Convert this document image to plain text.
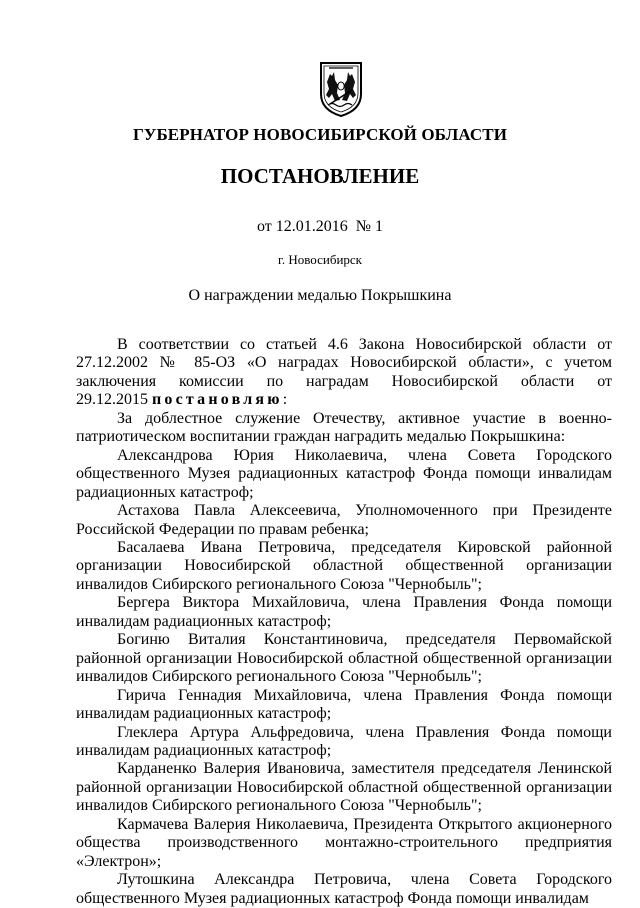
ГУБЕРНАТОР НОВОСИБИРСКОЙ ОБЛАСТИ
ПОСТАНОВЛЕНИЕ
от 12.01.2016 № 1
г. Новосибирск
О награждении медалью Покрышкина

В соответствии со статьей 4.6 Закона Новосибирской области от 27.12.2002 № 85-ОЗ «О наградах Новосибирской области», с учетом заключения комиссии по наградам Новосибирской области от 29.12.2015 постановляю:

За доблестное служение Отечеству, активное участие в военно-патриотическом воспитании граждан наградить медалью Покрышкина:

Александрова Юрия Николаевича, члена Совета Городского общественного Музея радиационных катастроф Фонда помощи инвалидам радиационных катастроф;

Астахова Павла Алексеевича, Уполномоченного при Президенте Российской Федерации по правам ребенка;

Басалаева Ивана Петровича, председателя Кировской районной организации Новосибирской областной общественной организации инвалидов Сибирского регионального Союза "Чернобыль";

Бергера Виктора Михайловича, члена Правления Фонда помощи инвалидам радиационных катастроф;

Богиню Виталия Константиновича, председателя Первомайской районной организации Новосибирской областной общественной организации инвалидов Сибирского регионального Союза "Чернобыль";

Гирича Геннадия Михайловича, члена Правления Фонда помощи инвалидам радиационных катастроф;

Глеклера Артура Альфредовича, члена Правления Фонда помощи инвалидам радиационных катастроф;

Карданенко Валерия Ивановича, заместителя председателя Ленинской районной организации Новосибирской областной общественной организации инвалидов Сибирского регионального Союза "Чернобыль";

Кармачева Валерия Николаевича, Президента Открытого акционерного общества производственного монтажно-строительного предприятия «Электрон»;

Лутошкина Александра Петровича, члена Совета Городского общественного Музея радиационных катастроф Фонда помощи инвалидам
